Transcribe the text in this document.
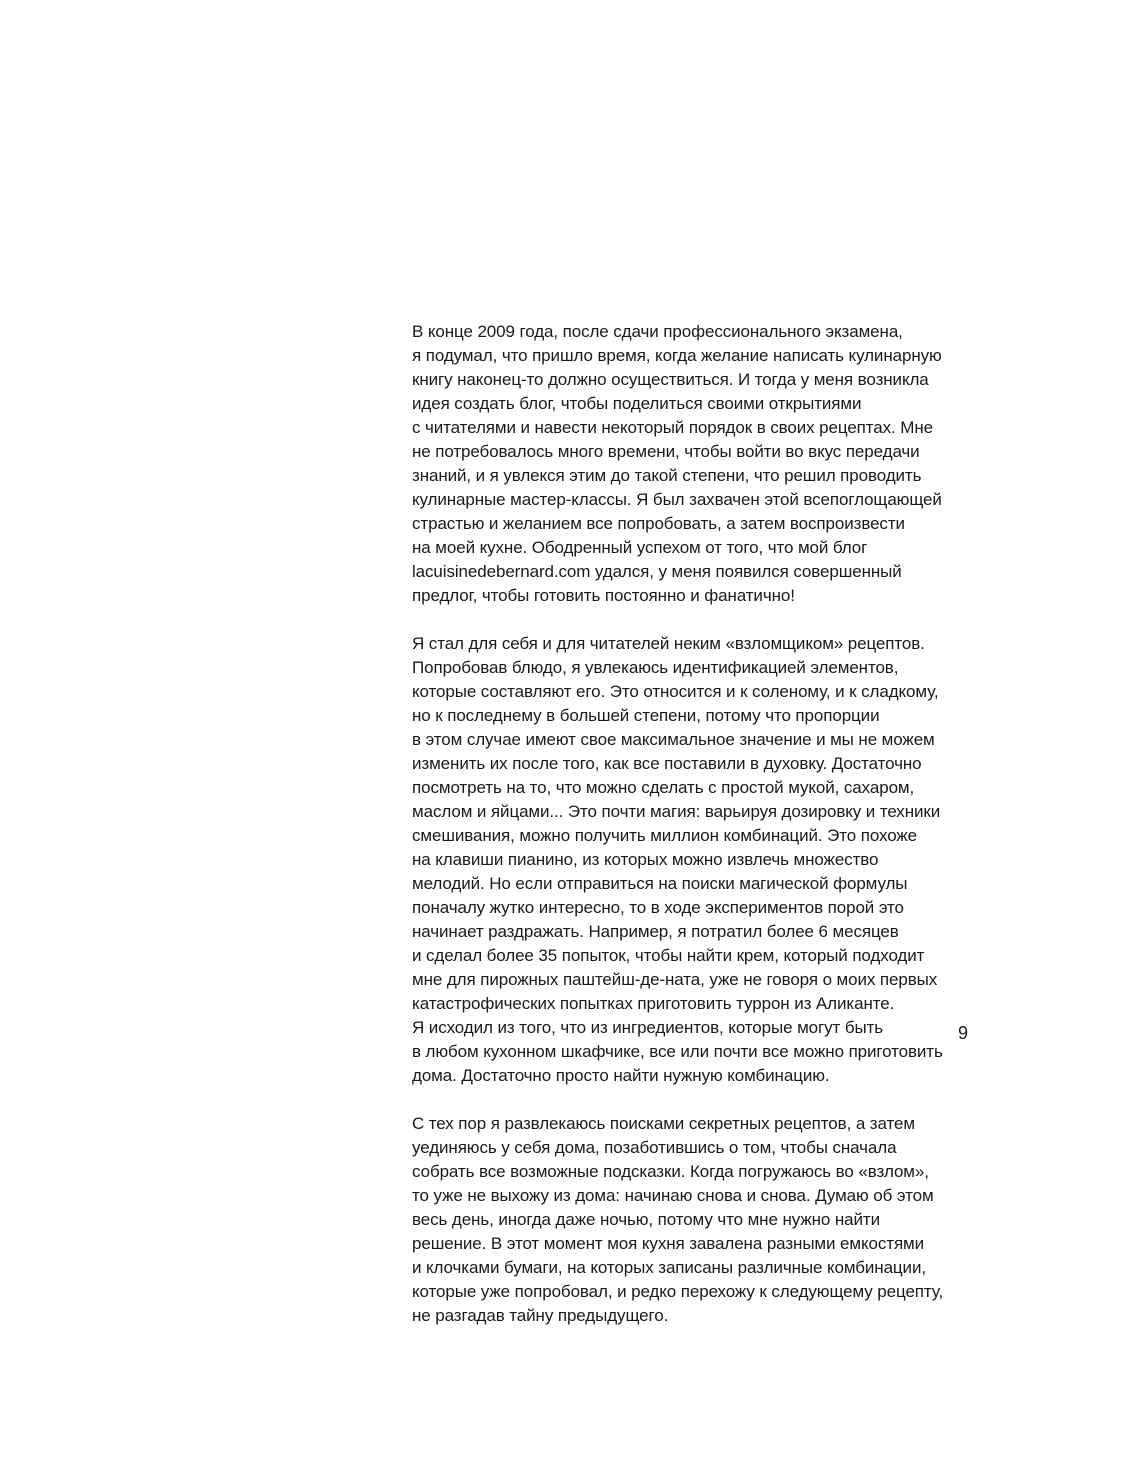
В конце 2009 года, после сдачи профессионального экзамена,
я подумал, что пришло время, когда желание написать кулинарную
книгу наконец-то должно осуществиться. И тогда у меня возникла
идея создать блог, чтобы поделиться своими открытиями
с читателями и навести некоторый порядок в своих рецептах. Мне
не потребовалось много времени, чтобы войти во вкус передачи
знаний, и я увлекся этим до такой степени, что решил проводить
кулинарные мастер-классы. Я был захвачен этой всепоглощающей
страстью и желанием все попробовать, а затем воспроизвести
на моей кухне. Ободренный успехом от того, что мой блог
lacuisinedebernard.com удался, у меня появился совершенный
предлог, чтобы готовить постоянно и фанатично!
Я стал для себя и для читателей неким «взломщиком» рецептов.
Попробовав блюдо, я увлекаюсь идентификацией элементов,
которые составляют его. Это относится и к соленому, и к сладкому,
но к последнему в большей степени, потому что пропорции
в этом случае имеют свое максимальное значение и мы не можем
изменить их после того, как все поставили в духовку. Достаточно
посмотреть на то, что можно сделать с простой мукой, сахаром,
маслом и яйцами... Это почти магия: варьируя дозировку и техники
смешивания, можно получить миллион комбинаций. Это похоже
на клавиши пианино, из которых можно извлечь множество
мелодий. Но если отправиться на поиски магической формулы
поначалу жутко интересно, то в ходе экспериментов порой это
начинает раздражать. Например, я потратил более 6 месяцев
и сделал более 35 попыток, чтобы найти крем, который подходит
мне для пирожных паштейш-де-ната, уже не говоря о моих первых
катастрофических попытках приготовить туррон из Аликанте.
Я исходил из того, что из ингредиентов, которые могут быть
в любом кухонном шкафчике, все или почти все можно приготовить
дома. Достаточно просто найти нужную комбинацию.
С тех пор я развлекаюсь поисками секретных рецептов, а затем
уединяюсь у себя дома, позаботившись о том, чтобы сначала
собрать все возможные подсказки. Когда погружаюсь во «взлом»,
то уже не выхожу из дома: начинаю снова и снова. Думаю об этом
весь день, иногда даже ночью, потому что мне нужно найти
решение. В этот момент моя кухня завалена разными емкостями
и клочками бумаги, на которых записаны различные комбинации,
которые уже попробовал, и редко перехожу к следующему рецепту,
не разгадав тайну предыдущего.
9
